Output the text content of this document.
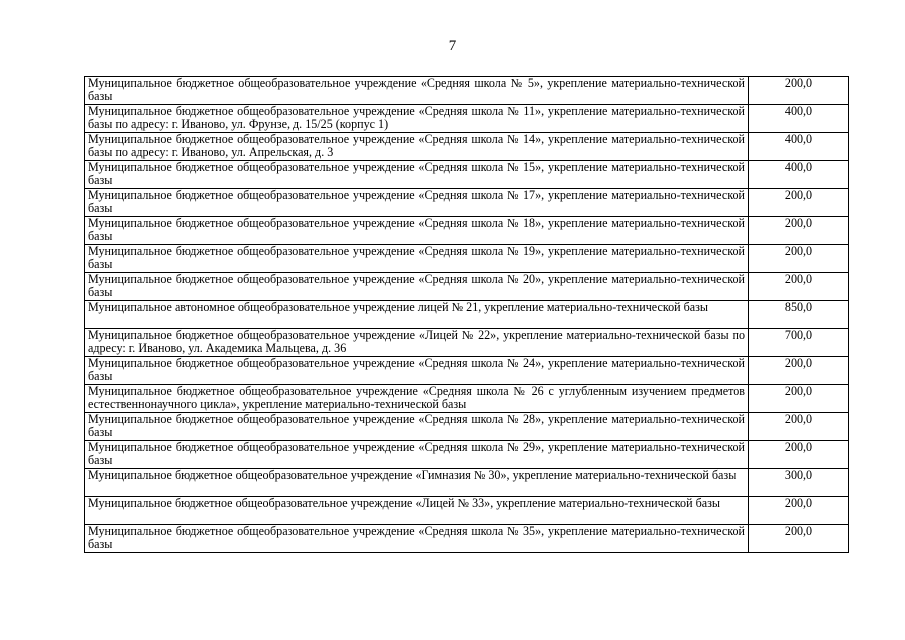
7
Муниципальное бюджетное общеобразовательное учреждение «Средняя школа № 5», укрепление материально-технической базы	200,0
Муниципальное бюджетное общеобразовательное учреждение «Средняя школа № 11», укрепление материально-технической базы по адресу: г. Иваново, ул. Фрунзе, д. 15/25 (корпус 1)	400,0
Муниципальное бюджетное общеобразовательное учреждение «Средняя школа № 14», укрепление материально-технической базы по адресу: г. Иваново, ул. Апрельская, д. 3	400,0
Муниципальное бюджетное общеобразовательное учреждение «Средняя школа № 15», укрепление материально-технической базы	400,0
Муниципальное бюджетное общеобразовательное учреждение «Средняя школа № 17», укрепление материально-технической базы	200,0
Муниципальное бюджетное общеобразовательное учреждение «Средняя школа № 18», укрепление материально-технической базы	200,0
Муниципальное бюджетное общеобразовательное учреждение «Средняя школа № 19», укрепление материально-технической базы	200,0
Муниципальное бюджетное общеобразовательное учреждение «Средняя школа № 20», укрепление материально-технической базы	200,0
Муниципальное автономное общеобразовательное учреждение лицей № 21, укрепление материально-технической базы	850,0
Муниципальное бюджетное общеобразовательное учреждение «Лицей № 22», укрепление материально-технической базы по адресу: г. Иваново, ул. Академика Мальцева, д. 36	700,0
Муниципальное бюджетное общеобразовательное учреждение «Средняя школа № 24», укрепление материально-технической базы	200,0
Муниципальное бюджетное общеобразовательное учреждение «Средняя школа № 26 с углубленным изучением предметов естественнонаучного цикла», укрепление материально-технической базы	200,0
Муниципальное бюджетное общеобразовательное учреждение «Средняя школа № 28», укрепление материально-технической базы	200,0
Муниципальное бюджетное общеобразовательное учреждение «Средняя школа № 29», укрепление материально-технической базы	200,0
Муниципальное бюджетное общеобразовательное учреждение «Гимназия № 30», укрепление материально-технической базы	300,0
Муниципальное бюджетное общеобразовательное учреждение «Лицей № 33», укрепление материально-технической базы	200,0
Муниципальное бюджетное общеобразовательное учреждение «Средняя школа № 35», укрепление материально-технической базы	200,0
